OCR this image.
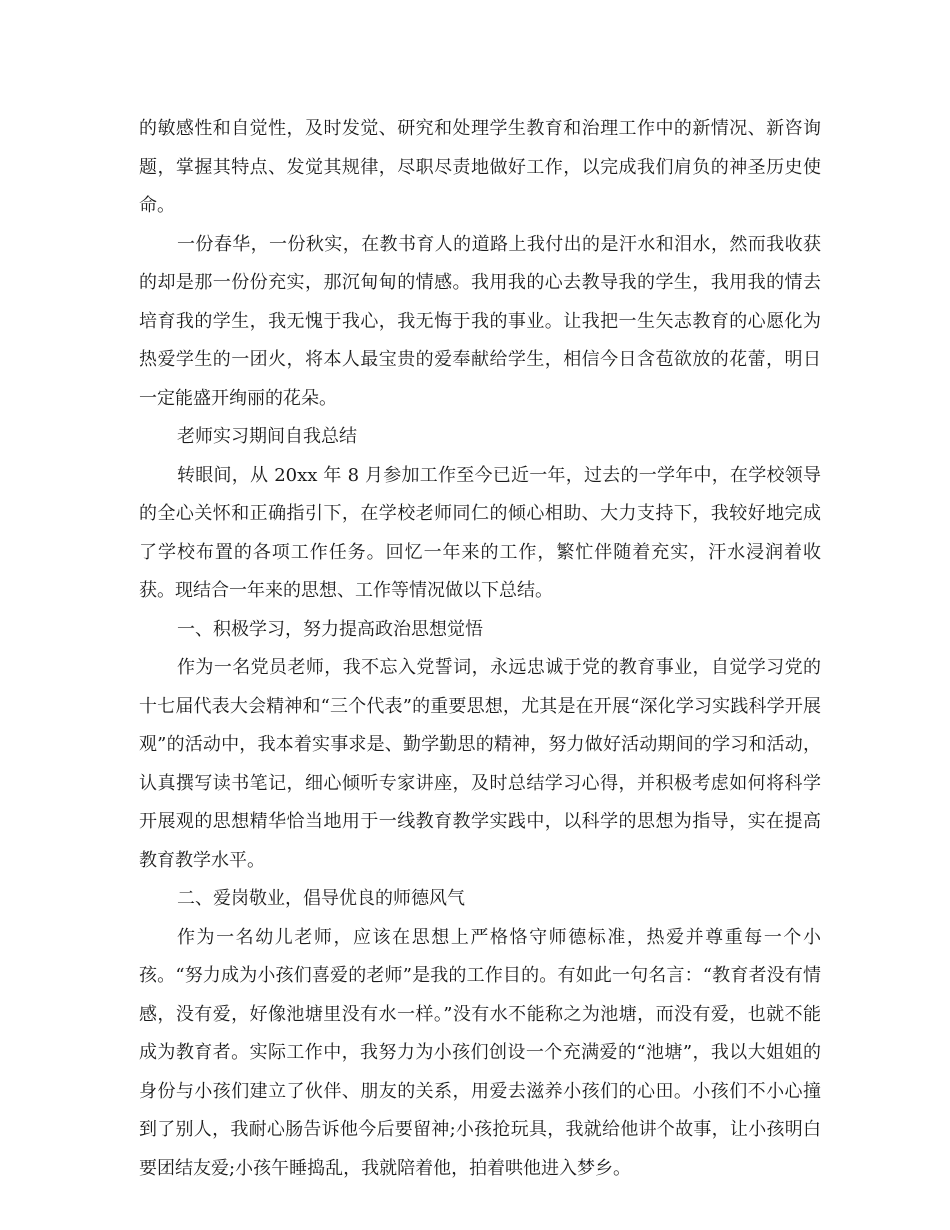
的敏感性和自觉性，及时发觉、研究和处理学生教育和治理工作中的新情况、新咨询题，掌握其特点、发觉其规律，尽职尽责地做好工作，以完成我们肩负的神圣历史使命。

一份春华，一份秋实，在教书育人的道路上我付出的是汗水和泪水，然而我收获的却是那一份份充实，那沉甸甸的情感。我用我的心去教导我的学生，我用我的情去培育我的学生，我无愧于我心，我无悔于我的事业。让我把一生矢志教育的心愿化为热爱学生的一团火，将本人最宝贵的爱奉献给学生，相信今日含苞欲放的花蕾，明日一定能盛开绚丽的花朵。

老师实习期间自我总结

转眼间，从 20xx 年 8 月参加工作至今已近一年，过去的一学年中，在学校领导的全心关怀和正确指引下，在学校老师同仁的倾心相助、大力支持下，我较好地完成了学校布置的各项工作任务。回忆一年来的工作，繁忙伴随着充实，汗水浸润着收获。现结合一年来的思想、工作等情况做以下总结。

一、积极学习，努力提高政治思想觉悟

作为一名党员老师，我不忘入党誓词，永远忠诚于党的教育事业，自觉学习党的十七届代表大会精神和“三个代表”的重要思想，尤其是在开展“深化学习实践科学开展观”的活动中，我本着实事求是、勤学勤思的精神，努力做好活动期间的学习和活动，认真撰写读书笔记，细心倾听专家讲座，及时总结学习心得，并积极考虑如何将科学开展观的思想精华恰当地用于一线教育教学实践中，以科学的思想为指导，实在提高教育教学水平。

二、爱岗敬业，倡导优良的师德风气

作为一名幼儿老师，应该在思想上严格恪守师德标准，热爱并尊重每一个小孩。“努力成为小孩们喜爱的老师”是我的工作目的。有如此一句名言：“教育者没有情感，没有爱，好像池塘里没有水一样。”没有水不能称之为池塘，而没有爱，也就不能成为教育者。实际工作中，我努力为小孩们创设一个充满爱的“池塘”，我以大姐姐的身份与小孩们建立了伙伴、朋友的关系，用爱去滋养小孩们的心田。小孩们不小心撞到了别人，我耐心肠告诉他今后要留神;小孩抢玩具，我就给他讲个故事，让小孩明白要团结友爱;小孩午睡捣乱，我就陪着他，拍着哄他进入梦乡。
